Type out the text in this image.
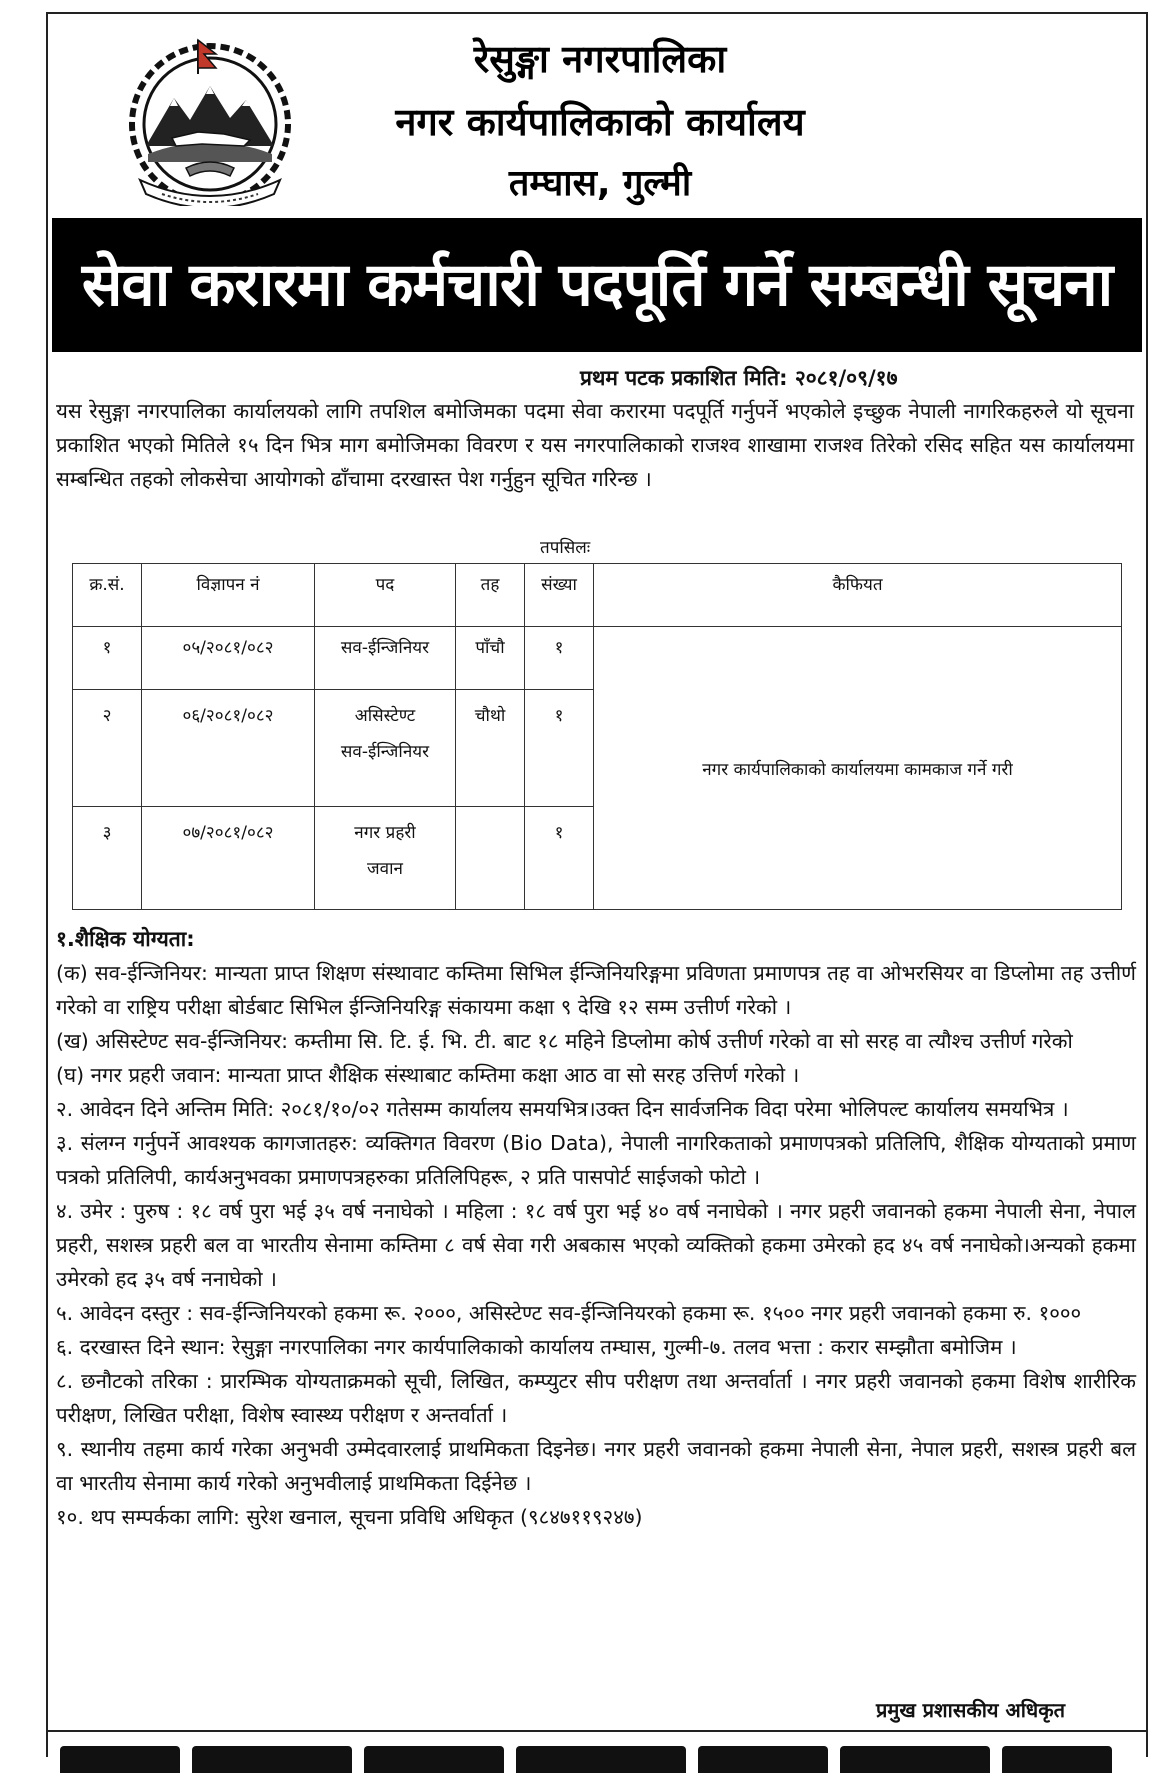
रेसुङ्गा नगरपालिका
नगर कार्यपालिकाको कार्यालय
तम्घास, गुल्मी
सेवा करारमा कर्मचारी पदपूर्ति गर्ने सम्बन्धी सूचना
प्रथम पटक प्रकाशित मिति: २०८१/०९/१७
यस रेसुङ्गा नगरपालिका कार्यालयको लागि तपशिल बमोजिमका पदमा सेवा करारमा पदपूर्ति गर्नुपर्ने भएकोले इच्छुक नेपाली नागरिकहरुले यो सूचना प्रकाशित भएको मितिले १५ दिन भित्र माग बमोजिमका विवरण र यस नगरपालिकाको राजश्व शाखामा राजश्व तिरेको रसिद सहित यस कार्यालयमा सम्बन्धित तहको लोकसेचा आयोगको ढाँचामा दरखास्त पेश गर्नुहुन सूचित गरिन्छ ।
तपसिलः
क्र.सं.	विज्ञापन नं	पद	तह	संख्या	कैफियत
१	०५/२०८१/०८२	सव-ईन्जिनियर	पाँचौ	१	नगर कार्यपालिकाको कार्यालयमा कामकाज गर्ने गरी
२	०६/२०८१/०८२	असिस्टेण्ट
सव-ईन्जिनियर	चौथो	१	
३	०७/२०८१/०८२	नगर प्रहरी
जवान		१	

१.शैक्षिक योग्यता:

(क) सव-ईन्जिनियर: मान्यता प्राप्त शिक्षण संस्थावाट कम्तिमा सिभिल ईन्जिनियरिङ्गमा प्रविणता प्रमाणपत्र तह वा ओभरसियर वा डिप्लोमा तह उत्तीर्ण गरेको वा राष्ट्रिय परीक्षा बोर्डबाट सिभिल ईन्जिनियरिङ्ग संकायमा कक्षा ९ देखि १२ सम्म उत्तीर्ण गरेको ।

(ख) असिस्टेण्ट सव-ईन्जिनियर: कम्तीमा सि. टि. ई. भि. टी. बाट १८ महिने डिप्लोमा कोर्ष उत्तीर्ण गरेको वा सो सरह वा त्यौश्च उत्तीर्ण गरेको

(घ) नगर प्रहरी जवान: मान्यता प्राप्त शैक्षिक संस्थाबाट कम्तिमा कक्षा आठ वा सो सरह उत्तिर्ण गरेको ।

२. आवेदन दिने अन्तिम मिति: २०८१/१०/०२ गतेसम्म कार्यालय समयभित्र।उक्त दिन सार्वजनिक विदा परेमा भोलिपल्ट कार्यालय समयभित्र ।

३. संलग्न गर्नुपर्ने आवश्यक कागजातहरु: व्यक्तिगत विवरण (Bio Data), नेपाली नागरिकताको प्रमाणपत्रको प्रतिलिपि, शैक्षिक योग्यताको प्रमाण पत्रको प्रतिलिपी, कार्यअनुभवका प्रमाणपत्रहरुका प्रतिलिपिहरू, २ प्रति पासपोर्ट साईजको फोटो ।

४. उमेर : पुरुष : १८ वर्ष पुरा भई ३५ वर्ष ननाघेको । महिला : १८ वर्ष पुरा भई ४० वर्ष ननाघेको । नगर प्रहरी जवानको हकमा नेपाली सेना, नेपाल प्रहरी, सशस्त्र प्रहरी बल वा भारतीय सेनामा कम्तिमा ८ वर्ष सेवा गरी अबकास भएको व्यक्तिको हकमा उमेरको हद ४५ वर्ष ननाघेको।अन्यको हकमा उमेरको हद ३५ वर्ष ननाघेको ।

५. आवेदन दस्तुर : सव-ईन्जिनियरको हकमा रू. २०००, असिस्टेण्ट सव-ईन्जिनियरको हकमा रू. १५०० नगर प्रहरी जवानको हकमा रु. १०००

६. दरखास्त दिने स्थान: रेसुङ्गा नगरपालिका नगर कार्यपालिकाको कार्यालय तम्घास, गुल्मी-७. तलव भत्ता : करार सम्झौता बमोजिम ।

८. छनौटको तरिका : प्रारम्भिक योग्यताक्रमको सूची, लिखित, कम्प्युटर सीप परीक्षण तथा अन्तर्वार्ता । नगर प्रहरी जवानको हकमा विशेष शारीरिक परीक्षण, लिखित परीक्षा, विशेष स्वास्थ्य परीक्षण र अन्तर्वार्ता ।

९. स्थानीय तहमा कार्य गरेका अनुभवी उम्मेदवारलाई प्राथमिकता दिइनेछ। नगर प्रहरी जवानको हकमा नेपाली सेना, नेपाल प्रहरी, सशस्त्र प्रहरी बल वा भारतीय सेनामा कार्य गरेको अनुभवीलाई प्राथमिकता दिईनेछ ।

१०. थप सम्पर्कका लागि: सुरेश खनाल, सूचना प्रविधि अधिकृत (९८४७११९२४७)

प्रमुख प्रशासकीय अधिकृत
